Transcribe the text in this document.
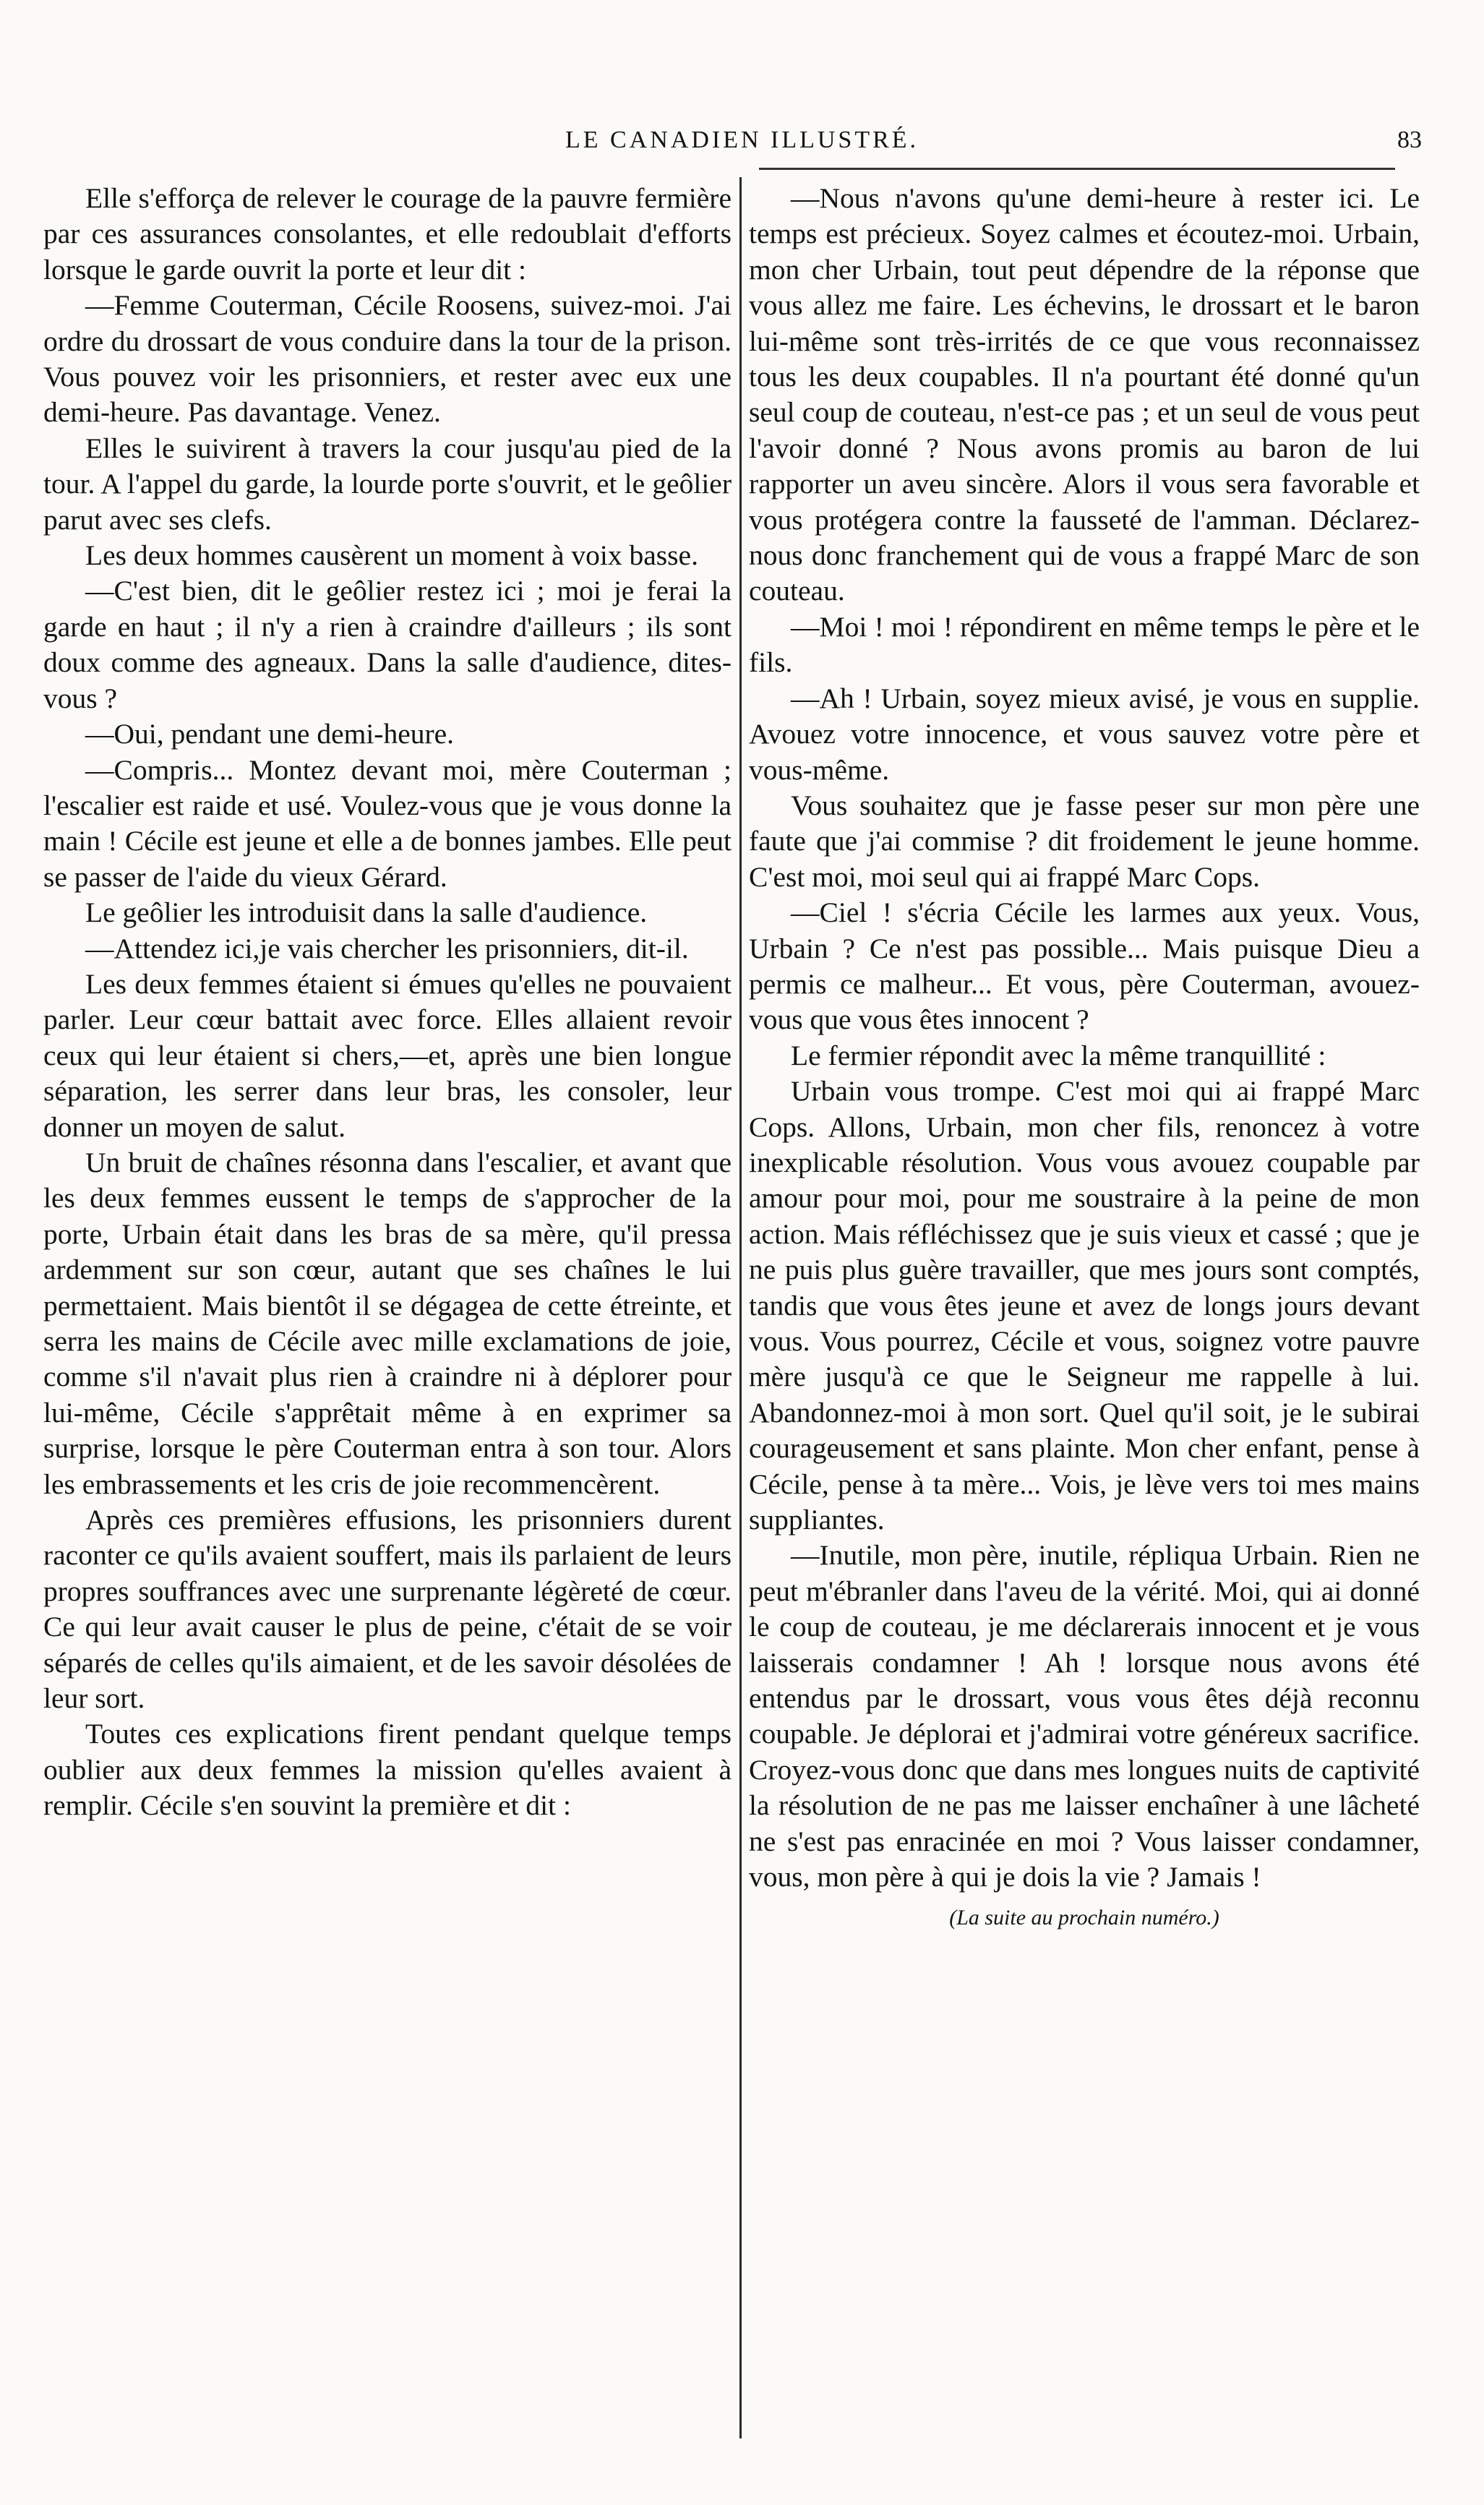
LE CANADIEN ILLUSTRÉ.	83

Elle s'efforça de relever le courage de la pauvre fermière par ces assurances consolantes, et elle redoublait d'efforts lorsque le garde ouvrit la porte et leur dit :

—Femme Couterman, Cécile Roosens, suivez-moi. J'ai ordre du drossart de vous conduire dans la tour de la prison. Vous pouvez voir les prisonniers, et rester avec eux une demi-heure. Pas davantage. Venez.

Elles le suivirent à travers la cour jusqu'au pied de la tour. A l'appel du garde, la lourde porte s'ouvrit, et le geôlier parut avec ses clefs.

Les deux hommes causèrent un moment à voix basse.

—C'est bien, dit le geôlier restez ici ; moi je ferai la garde en haut ; il n'y a rien à craindre d'ailleurs ; ils sont doux comme des agneaux. Dans la salle d'audience, dites-vous ?

—Oui, pendant une demi-heure.

—Compris... Montez devant moi, mère Couterman ; l'escalier est raide et usé. Voulez-vous que je vous donne la main ! Cécile est jeune et elle a de bonnes jambes. Elle peut se passer de l'aide du vieux Gérard.

Le geôlier les introduisit dans la salle d'audience.

—Attendez ici,je vais chercher les prisonniers, dit-il.

Les deux femmes étaient si émues qu'elles ne pouvaient parler. Leur cœur battait avec force. Elles allaient revoir ceux qui leur étaient si chers,—et, après une bien longue séparation, les serrer dans leur bras, les consoler, leur donner un moyen de salut.

Un bruit de chaînes résonna dans l'escalier, et avant que les deux femmes eussent le temps de s'approcher de la porte, Urbain était dans les bras de sa mère, qu'il pressa ardemment sur son cœur, autant que ses chaînes le lui permettaient. Mais bientôt il se dégagea de cette étreinte, et serra les mains de Cécile avec mille exclamations de joie, comme s'il n'avait plus rien à craindre ni à déplorer pour lui-même, Cécile s'apprêtait même à en exprimer sa surprise, lorsque le père Couterman entra à son tour. Alors les embrassements et les cris de joie recommencèrent.

Après ces premières effusions, les prisonniers durent raconter ce qu'ils avaient souffert, mais ils parlaient de leurs propres souffrances avec une surprenante légèreté de cœur. Ce qui leur avait causer le plus de peine, c'était de se voir séparés de celles qu'ils aimaient, et de les savoir désolées de leur sort.

Toutes ces explications firent pendant quelque temps oublier aux deux femmes la mission qu'elles avaient à remplir. Cécile s'en souvint la première et dit :

—Nous n'avons qu'une demi-heure à rester ici. Le temps est précieux. Soyez calmes et écoutez-moi. Urbain, mon cher Urbain, tout peut dépendre de la réponse que vous allez me faire. Les échevins, le drossart et le baron lui-même sont très-irrités de ce que vous reconnaissez tous les deux coupables. Il n'a pourtant été donné qu'un seul coup de couteau, n'est-ce pas ; et un seul de vous peut l'avoir donné ? Nous avons promis au baron de lui rapporter un aveu sincère. Alors il vous sera favorable et vous protégera contre la fausseté de l'amman. Déclarez-nous donc franchement qui de vous a frappé Marc de son couteau.

—Moi ! moi ! répondirent en même temps le père et le fils.

—Ah ! Urbain, soyez mieux avisé, je vous en supplie. Avouez votre innocence, et vous sauvez votre père et vous-même.

Vous souhaitez que je fasse peser sur mon père une faute que j'ai commise ? dit froidement le jeune homme. C'est moi, moi seul qui ai frappé Marc Cops.

—Ciel ! s'écria Cécile les larmes aux yeux. Vous, Urbain ? Ce n'est pas possible... Mais puisque Dieu a permis ce malheur... Et vous, père Couterman, avouez-vous que vous êtes innocent ?

Le fermier répondit avec la même tranquillité :

Urbain vous trompe. C'est moi qui ai frappé Marc Cops. Allons, Urbain, mon cher fils, renoncez à votre inexplicable résolution. Vous vous avouez coupable par amour pour moi, pour me soustraire à la peine de mon action. Mais réfléchissez que je suis vieux et cassé ; que je ne puis plus guère travailler, que mes jours sont comptés, tandis que vous êtes jeune et avez de longs jours devant vous. Vous pourrez, Cécile et vous, soignez votre pauvre mère jusqu'à ce que le Seigneur me rappelle à lui. Abandonnez-moi à mon sort. Quel qu'il soit, je le subirai courageusement et sans plainte. Mon cher enfant, pense à Cécile, pense à ta mère... Vois, je lève vers toi mes mains suppliantes.

—Inutile, mon père, inutile, répliqua Urbain. Rien ne peut m'ébranler dans l'aveu de la vérité. Moi, qui ai donné le coup de couteau, je me déclarerais innocent et je vous laisserais condamner ! Ah ! lorsque nous avons été entendus par le drossart, vous vous êtes déjà reconnu coupable. Je déplorai et j'admirai votre généreux sacrifice. Croyez-vous donc que dans mes longues nuits de captivité la résolution de ne pas me laisser enchaîner à une lâcheté ne s'est pas enracinée en moi ? Vous laisser condamner, vous, mon père à qui je dois la vie ? Jamais !

(La suite au prochain numéro.)
